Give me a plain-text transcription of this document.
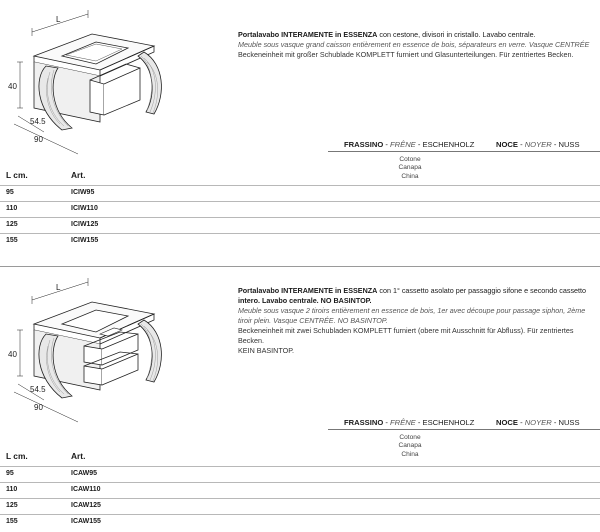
L
40
54.5
90
Portalavabo INTERAMENTE in ESSENZA con cestone, divisori in cristallo. Lavabo centrale.
Meuble sous vasque grand caisson entièrement en essence de bois, séparateurs en verre. Vasque CENTRÉE
Beckeneinheit mit großer Schublade KOMPLETT furniert und Glasunterteilungen. Für zentriertes Becken.
FRASSINO - FRÊNE - ESCHENHOLZ	NOCE - NOYER - NUSS
Cotone
Canapa
China
L cm.	Art.
95	ICIW95
110	ICIW110
125	ICIW125
155	ICIW155
L
40
54.5
90
Portalavabo INTERAMENTE in ESSENZA con 1° cassetto asolato per passaggio sifone e secondo cassetto
intero. Lavabo centrale. NO BASINTOP.
Meuble sous vasque 2 tiroirs entièrement en essence de bois, 1er avec découpe pour passage siphon, 2ème tiroir plein. Vasque CENTRÉE. NO BASINTOP.
Beckeneinheit mit zwei Schubladen KOMPLETT furniert (obere mit Ausschnitt für Abfluss). Für zentriertes Becken.
KEIN BASINTOP.
FRASSINO - FRÊNE - ESCHENHOLZ	NOCE - NOYER - NUSS
Cotone
Canapa
China
L cm.	Art.
95	ICAW95
110	ICAW110
125	ICAW125
155	ICAW155
